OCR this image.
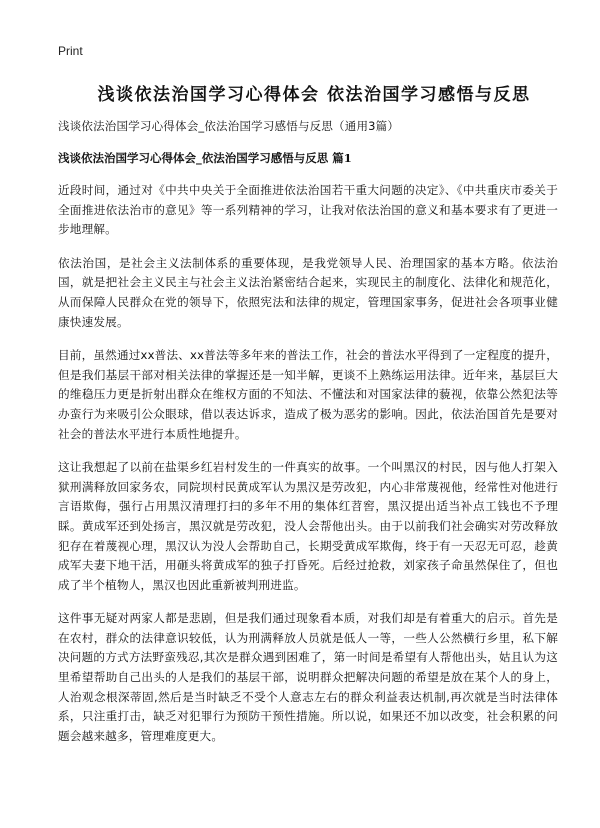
Print
浅谈依法治国学习心得体会 依法治国学习感悟与反思
浅谈依法治国学习心得体会_依法治国学习感悟与反思（通用3篇）
浅谈依法治国学习心得体会_依法治国学习感悟与反思 篇1

近段时间，通过对《中共中央关于全面推进依法治国若干重大问题的决定》、《中共重庆市委关于全面推进依法治市的意见》等一系列精神的学习，让我对依法治国的意义和基本要求有了更进一步地理解。

依法治国，是社会主义法制体系的重要体现，是我党领导人民、治理国家的基本方略。依法治国，就是把社会主义民主与社会主义法治紧密结合起来，实现民主的制度化、法律化和规范化，从而保障人民群众在党的领导下，依照宪法和法律的规定，管理国家事务，促进社会各项事业健康快速发展。

目前，虽然通过xx普法、xx普法等多年来的普法工作，社会的普法水平得到了一定程度的提升，但是我们基层干部对相关法律的掌握还是一知半解，更谈不上熟练运用法律。近年来，基层巨大的维稳压力更是折射出群众在维权方面的不知法、不懂法和对国家法律的藐视，依靠公然犯法等办蛮行为来吸引公众眼球，借以表达诉求，造成了极为恶劣的影响。因此，依法治国首先是要对社会的普法水平进行本质性地提升。

这让我想起了以前在盐渠乡红岩村发生的一件真实的故事。一个叫黑汉的村民，因与他人打架入狱刑满释放回家务农，同院坝村民黄成军认为黑汉是劳改犯，内心非常蔑视他，经常性对他进行言语欺侮，强行占用黑汉清理打扫的多年不用的集体红苕窖，黑汉提出适当补点工钱也不予理睬。黄成军还到处扬言，黑汉就是劳改犯，没人会帮他出头。由于以前我们社会确实对劳改释放犯存在着蔑视心理，黑汉认为没人会帮助自己，长期受黄成军欺侮，终于有一天忍无可忍，趁黄成军夫妻下地干活，用砸头将黄成军的独子打昏死。后经过抢救，刘家孩子命虽然保住了，但也成了半个植物人，黑汉也因此重新被判刑进监。

这件事无疑对两家人都是悲剧，但是我们通过现象看本质，对我们却是有着重大的启示。首先是在农村，群众的法律意识较低，认为刑满释放人员就是低人一等，一些人公然横行乡里，私下解决问题的方式方法野蛮残忍,其次是群众遇到困难了，第一时间是希望有人帮他出头，姑且认为这里希望帮助自己出头的人是我们的基层干部，说明群众把解决问题的希望是放在某个人的身上，人治观念根深蒂固,然后是当时缺乏不受个人意志左右的群众利益表达机制,再次就是当时法律体系，只注重打击，缺乏对犯罪行为预防干预性措施。所以说，如果还不加以改变，社会积累的问题会越来越多，管理难度更大。
